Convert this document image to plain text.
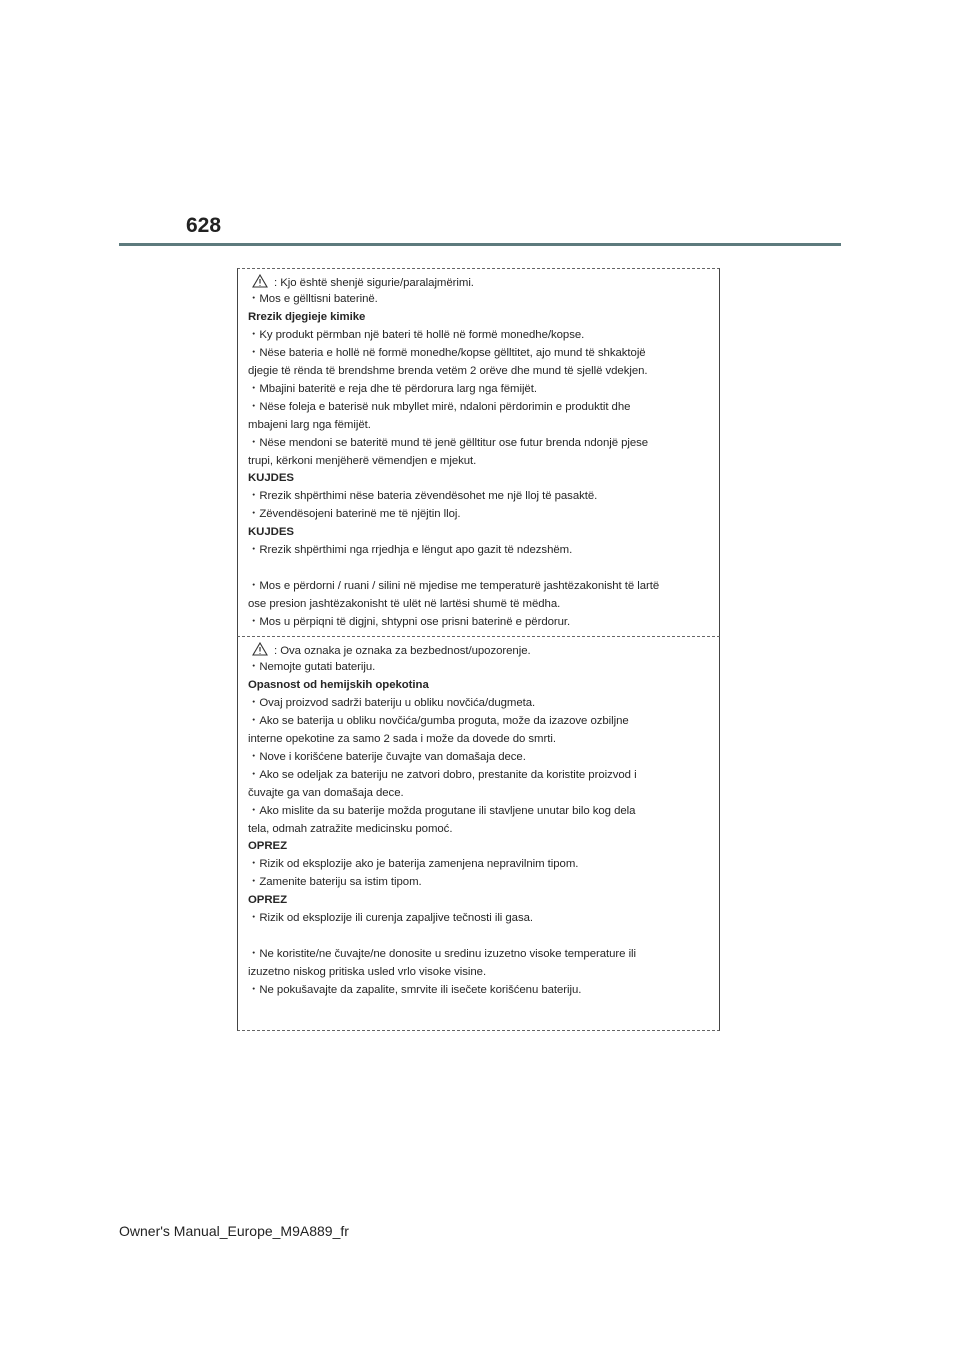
628
: Kjo është shenjë sigurie/paralajmërimi.
・Mos e gëlltisni baterinë.
Rrezik djegieje kimike
・Ky produkt përmban një bateri të hollë në formë monedhe/kopse.
・Nëse bateria e hollë në formë monedhe/kopse gëlltitet, ajo mund të shkaktojë
djegie të rënda të brendshme brenda vetëm 2 orëve dhe mund të sjellë vdekjen.
・Mbajini bateritë e reja dhe të përdorura larg nga fëmijët.
・Nëse foleja e baterisë nuk mbyllet mirë, ndaloni përdorimin e produktit dhe
mbajeni larg nga fëmijët.
・Nëse mendoni se bateritë mund të jenë gëlltitur ose futur brenda ndonjë pjese
trupi, kërkoni menjëherë vëmendjen e mjekut.
KUJDES
・Rrezik shpërthimi nëse bateria zëvendësohet me një lloj të pasaktë.
・Zëvendësojeni baterinë me të njëjtin lloj.
KUJDES
・Rrezik shpërthimi nga rrjedhja e lëngut apo gazit të ndezshëm.
・Mos e përdorni / ruani / silini në mjedise me temperaturë jashtëzakonisht të lartë
ose presion jashtëzakonisht të ulët në lartësi shumë të mëdha.
・Mos u përpiqni të digjni, shtypni ose prisni baterinë e përdorur.
: Ova oznaka je oznaka za bezbednost/upozorenje.
・Nemojte gutati bateriju.
Opasnost od hemijskih opekotina
・Ovaj proizvod sadrži bateriju u obliku novčića/dugmeta.
・Ako se baterija u obliku novčića/gumba proguta, može da izazove ozbiljne
interne opekotine za samo 2 sada i može da dovede do smrti.
・Nove i korišćene baterije čuvajte van domašaja dece.
・Ako se odeljak za bateriju ne zatvori dobro, prestanite da koristite proizvod i
čuvajte ga van domašaja dece.
・Ako mislite da su baterije možda progutane ili stavljene unutar bilo kog dela
tela, odmah zatražite medicinsku pomoć.
OPREZ
・Rizik od eksplozije ako je baterija zamenjena nepravilnim tipom.
・Zamenite bateriju sa istim tipom.
OPREZ
・Rizik od eksplozije ili curenja zapaljive tečnosti ili gasa.
・Ne koristite/ne čuvajte/ne donosite u sredinu izuzetno visoke temperature ili
izuzetno niskog pritiska usled vrlo visoke visine.
・Ne pokušavajte da zapalite, smrvite ili isečete korišćenu bateriju.
Owner's Manual_Europe_M9A889_fr
